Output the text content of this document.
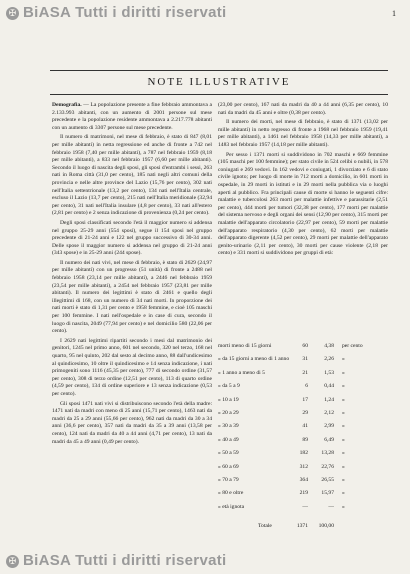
✠ BiASA Tutti i diritti riservati	1
NOTE ILLUSTRATIVE

Demografia. — La popolazione presente a fine febbraio ammontava a 2.133.993 abitanti, con un aumento di 2001 persone sul mese precedente e la popolazione residente ammontava a 2.217.778 abitanti con un aumento di 3307 persone sul mese precedente.

Il numero di matrimoni, nel mese di febbraio, è stato di 847 (8,01 per mille abitanti) in netta regressione ed anche di fronte a 742 nel febbraio 1958 (7,40 per mille abitanti), a 787 nel febbraio 1959 (8,18 per mille abitanti), a 833 nel febbraio 1957 (6,60 per mille abitanti). Secondo il luogo di nascita degli sposi, gli sposi d'entrambi i sessi, 263 nati in Roma città (31,0 per cento), 185 nati negli altri comuni della provincia e nelle altre province del Lazio (15,76 per cento), 302 nati nell'Italia settentrionale (13,2 per cento), 134 nati nell'Italia centrale, escluso il Lazio (13,7 per cento), 215 nati nell'Italia meridionale (32,94 per cento), 31 nati nell'Italia insulare (4,8 per cento), 33 nati all'estero (2,81 per cento) e 2 senza indicazione di provenienza (0,24 per cento).

Degli sposi classificati secondo l'età il maggior numero si addensa nel gruppo 25-29 anni (554 sposi), segue il 154 sposi nel gruppo precedente di 21-24 anni e 122 nel gruppo successivo di 30-34 anni. Delle spose il maggior numero si addensa nel gruppo di 21-24 anni (343 spose) e in 25-29 anni (244 spose).

Il numero dei nati vivi, nel mese di febbraio, è stato di 2629 (24,97 per mille abitanti) con un progresso (51 unità) di fronte a 2488 nel febbraio 1958 (23,14 per mille abitanti), a 2446 nel febbraio 1959 (23,54 per mille abitanti), a 2454 nel febbraio 1957 (23,81 per mille abitanti). Il numero dei legittimi è stato di 2461 e quello degli illegittimi di 168, con un numero di 34 nati morti. In proporzione dei nati morti è stato di 1,31 per cento e 1958 femmine, e cioè 105 maschi per 100 femmine. I nati nell'ospedale e in case di cura, secondo il luogo di nascita, 2049 (77,94 per cento) e nel domicilio 580 (22,06 per cento).

I 2629 nati legittimi ripartiti secondo i mesi dal matrimonio dei genitori, 1245 nel primo anno, 601 nel secondo, 320 nel terzo, 168 nel quarto, 95 nel quinto, 202 dal sesto al decimo anno, 88 dall'undicesimo al quindicesimo, 10 oltre il quindicesimo e 14 senza indicazione, i nati primogeniti sono 1116 (45,35 per cento), 777 di secondo ordine (31,57 per cento), 308 di terzo ordine (12,51 per cento), 113 di quarto ordine (4,59 per cento), 134 di ordine superiore e 13 senza indicazione (0,53 per cento).

Gli sposi 1471 nati vivi si distribuiscono secondo l'età della madre: 1471 nati da madri con meno di 25 anni (15,71 per cento), 1463 nati da madri da 25 a 29 anni (55,66 per cento), 962 nati da madri da 30 a 34 anni (36,6 per cento), 357 nati da madri da 35 a 39 anni (13,58 per cento), 124 nati da madri da 40 a 44 anni (4,71 per cento), 13 nati da madri da 45 a 49 anni (0,49 per cento).

(23,00 per cento), 167 nati da madri da 40 a 44 anni (6,35 per cento), 10 nati da madri da 45 anni e oltre (0,38 per cento).

Il numero dei morti, nel mese di febbraio, è stato di 1371 (13,02 per mille abitanti) in netto regresso di fronte a 1968 nel febbraio 1959 (19,41 per mille abitanti), a 1461 nel febbraio 1958 (14,33 per mille abitanti), a 1483 nel febbraio 1957 (14,18 per mille abitanti).

Per sesso i 1371 morti si suddividono in 702 maschi e 669 femmine (105 maschi per 100 femmine); per stato civile in 524 celibi o nubili, in 578 coniugati e 269 vedovi. In 162 vedovi e coniugati, 1 divorziato e 6 di stato civile ignoto; per luogo di morte in 712 morti a domicilio, in 601 morti in ospedale, in 29 morti in istituti e in 29 morti nella pubblica via o luoghi aperti al pubblico. Fra principali cause di morte si hanno le seguenti cifre: malattie e tubercolosi 263 morti per malattie infettive e parassitarie (2,51 per cento), 444 morti per tumori (32,38 per cento), 177 morti per malattie del sistema nervoso e degli organi dei sensi (12,90 per cento), 315 morti per malattie dell'apparato circolatorio (22,97 per cento), 59 morti per malattie dell'apparato respiratorio (4,30 per cento), 62 morti per malattie dell'apparato digerente (4,52 per cento), 29 morti per malattie dell'apparato genito-urinario (2,11 per cento), 30 morti per cause violente (2,18 per cento) e 331 morti si suddividono per gruppi di età:

morti meno di 15 giorni	60	4,38	per cento
» da 15 giorni a meno di 1 anno	31	2,26	»
» 1 anno a meno di 5	21	1,53	»
» da 5 a 9	6	0,44	»
» 10 a 19	17	1,24	»
» 20 a 29	29	2,12	»
» 30 a 39	41	2,99	»
» 40 a 49	89	6,49	»
» 50 a 59	182	13,28	»
» 60 a 69	312	22,76	»
» 70 a 79	364	26,55	»
» 80 e oltre	219	15,97	»
» età ignota	—	—	»
Totale	1371	100,00
✠ BiASA Tutti i diritti riservati
